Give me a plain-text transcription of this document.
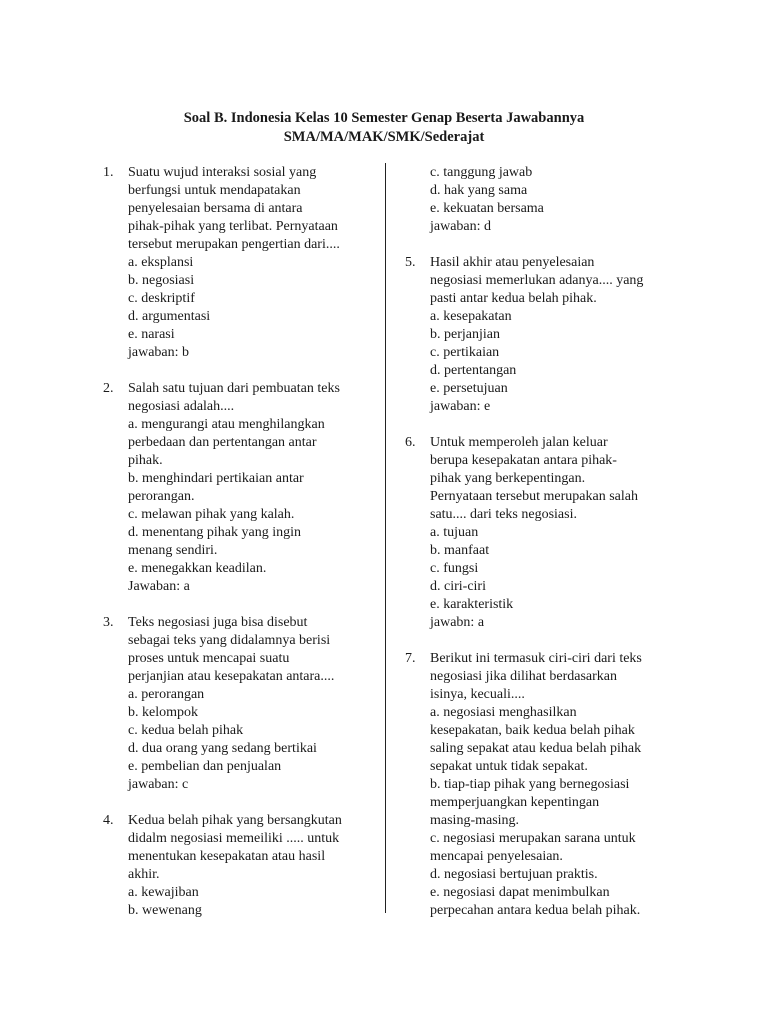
Soal B. Indonesia Kelas 10 Semester Genap Beserta Jawabannya
SMA/MA/MAK/SMK/Sederajat
1.	Suatu wujud interaksi sosial yang
berfungsi untuk mendapatakan
penyelesaian bersama di antara
pihak-pihak yang terlibat. Pernyataan
tersebut merupakan pengertian dari....
a. eksplansi
b. negosiasi
c. deskriptif
d. argumentasi
e. narasi
jawaban: b
2.	Salah satu tujuan dari pembuatan teks
negosiasi adalah....
a. mengurangi atau menghilangkan
perbedaan dan pertentangan antar
pihak.
b. menghindari pertikaian antar
perorangan.
c. melawan pihak yang kalah.
d. menentang pihak yang ingin
menang sendiri.
e. menegakkan keadilan.
Jawaban: a
3.	Teks negosiasi juga bisa disebut
sebagai teks yang didalamnya berisi
proses untuk mencapai suatu
perjanjian atau kesepakatan antara....
a. perorangan
b. kelompok
c. kedua belah pihak
d. dua orang yang sedang bertikai
e. pembelian dan penjualan
jawaban: c
4.	Kedua belah pihak yang bersangkutan
didalm negosiasi memeiliki ..... untuk
menentukan kesepakatan atau hasil
akhir.
a. kewajiban
b. wewenang
c. tanggung jawab
d. hak yang sama
e. kekuatan bersama
jawaban: d
5.	Hasil akhir atau penyelesaian
negosiasi memerlukan adanya.... yang
pasti antar kedua belah pihak.
a. kesepakatan
b. perjanjian
c. pertikaian
d. pertentangan
e. persetujuan
jawaban: e
6.	Untuk memperoleh jalan keluar
berupa kesepakatan antara pihak-
pihak yang berkepentingan.
Pernyataan tersebut merupakan salah
satu.... dari teks negosiasi.
a. tujuan
b. manfaat
c. fungsi
d. ciri-ciri
e. karakteristik
jawabn: a
7.	Berikut ini termasuk ciri-ciri dari teks
negosiasi jika dilihat berdasarkan
isinya, kecuali....
a. negosiasi menghasilkan
kesepakatan, baik kedua belah pihak
saling sepakat atau kedua belah pihak
sepakat untuk tidak sepakat.
b. tiap-tiap pihak yang bernegosiasi
memperjuangkan kepentingan
masing-masing.
c. negosiasi merupakan sarana untuk
mencapai penyelesaian.
d. negosiasi bertujuan praktis.
e. negosiasi dapat menimbulkan
perpecahan antara kedua belah pihak.
